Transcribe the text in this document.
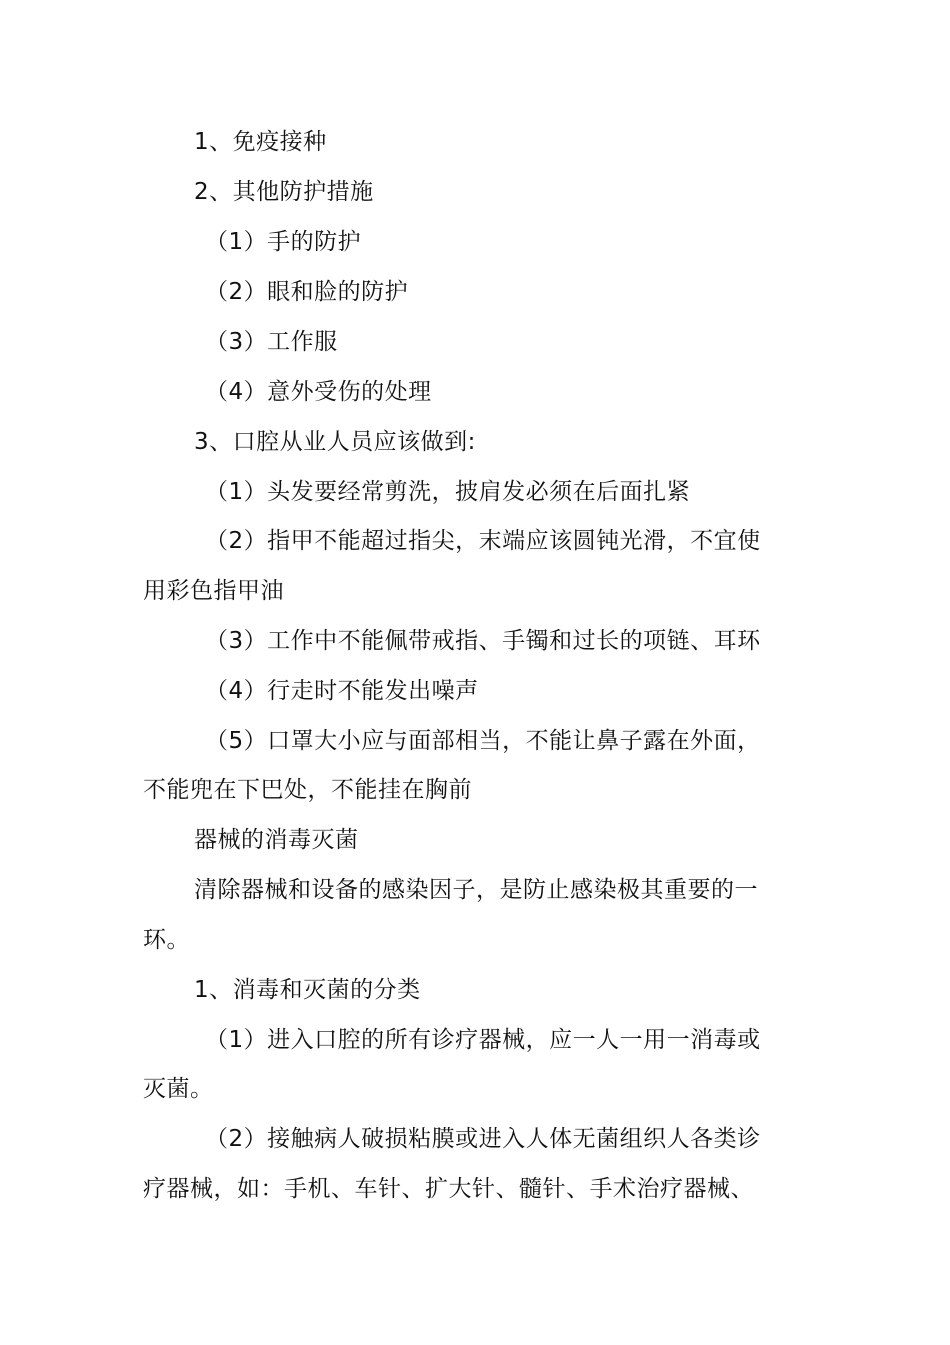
1、免疫接种
2、其他防护措施
（1）手的防护
（2）眼和脸的防护
（3）工作服
（4）意外受伤的处理
3、口腔从业人员应该做到:
（1）头发要经常剪洗，披肩发必须在后面扎紧
（2）指甲不能超过指尖，末端应该圆钝光滑，不宜使
用彩色指甲油
（3）工作中不能佩带戒指、手镯和过长的项链、耳环
（4）行走时不能发出噪声
（5）口罩大小应与面部相当，不能让鼻子露在外面，
不能兜在下巴处，不能挂在胸前
器械的消毒灭菌
清除器械和设备的感染因子，是防止感染极其重要的一
环。
1、消毒和灭菌的分类
（1）进入口腔的所有诊疗器械，应一人一用一消毒或
灭菌。
（2）接触病人破损粘膜或进入人体无菌组织人各类诊
疗器械，如：手机、车针、扩大针、髓针、手术治疗器械、
